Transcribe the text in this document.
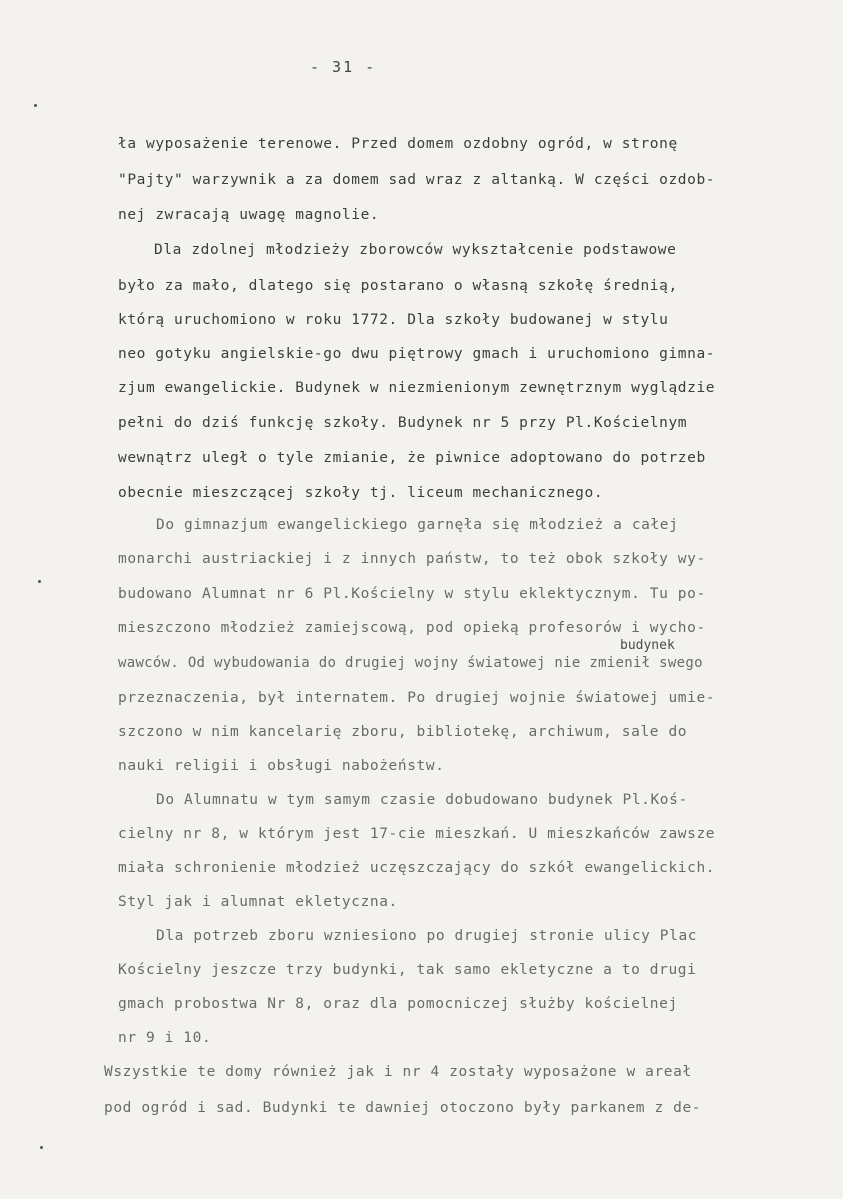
- 31 -
ła wyposażenie terenowe. Przed domem ozdobny ogród, w stronę
"Pajty" warzywnik a za domem sad wraz z altanką. W części ozdob-
nej zwracają uwagę magnolie.
Dla zdolnej młodzieży zborowców wykształcenie podstawowe
było za mało, dlatego się postarano o własną szkołę średnią,
którą uruchomiono w roku 1772. Dla szkoły budowanej w stylu
neo gotyku angielskie-go dwu piętrowy gmach i uruchomiono gimna-
zjum ewangelickie. Budynek w niezmienionym zewnętrznym wyglądzie
pełni do dziś funkcję szkoły. Budynek nr 5 przy Pl.Kościelnym
wewnątrz uległ o tyle zmianie, że piwnice adoptowano do potrzeb
obecnie mieszczącej szkoły tj. liceum mechanicznego.
Do gimnazjum ewangelickiego garnęła się młodzież a całej
monarchi austriackiej i z innych państw, to też obok szkoły wy-
budowano Alumnat nr 6 Pl.Kościelny w stylu eklektycznym. Tu po-
mieszczono młodzież zamiejscową, pod opieką profesorów i wycho-
budynek
wawców. Od wybudowania do drugiej wojny światowej nie zmienił swego
przeznaczenia, był internatem. Po drugiej wojnie światowej umie-
szczono w nim kancelarię zboru, bibliotekę, archiwum, sale do
nauki religii i obsługi nabożeństw.
Do Alumnatu w tym samym czasie dobudowano budynek Pl.Koś-
cielny nr 8, w którym jest 17-cie mieszkań. U mieszkańców zawsze
miała schronienie młodzież uczęszczający do szkół ewangelickich.
Styl jak i alumnat ekletyczna.
Dla potrzeb zboru wzniesiono po drugiej stronie ulicy Plac
Kościelny jeszcze trzy budynki, tak samo ekletyczne a to drugi
gmach probostwa Nr 8, oraz dla pomocniczej służby kościelnej
nr 9 i 10.
Wszystkie te domy również jak i nr 4 zostały wyposażone w areał
pod ogród i sad. Budynki te dawniej otoczono były parkanem z de-
